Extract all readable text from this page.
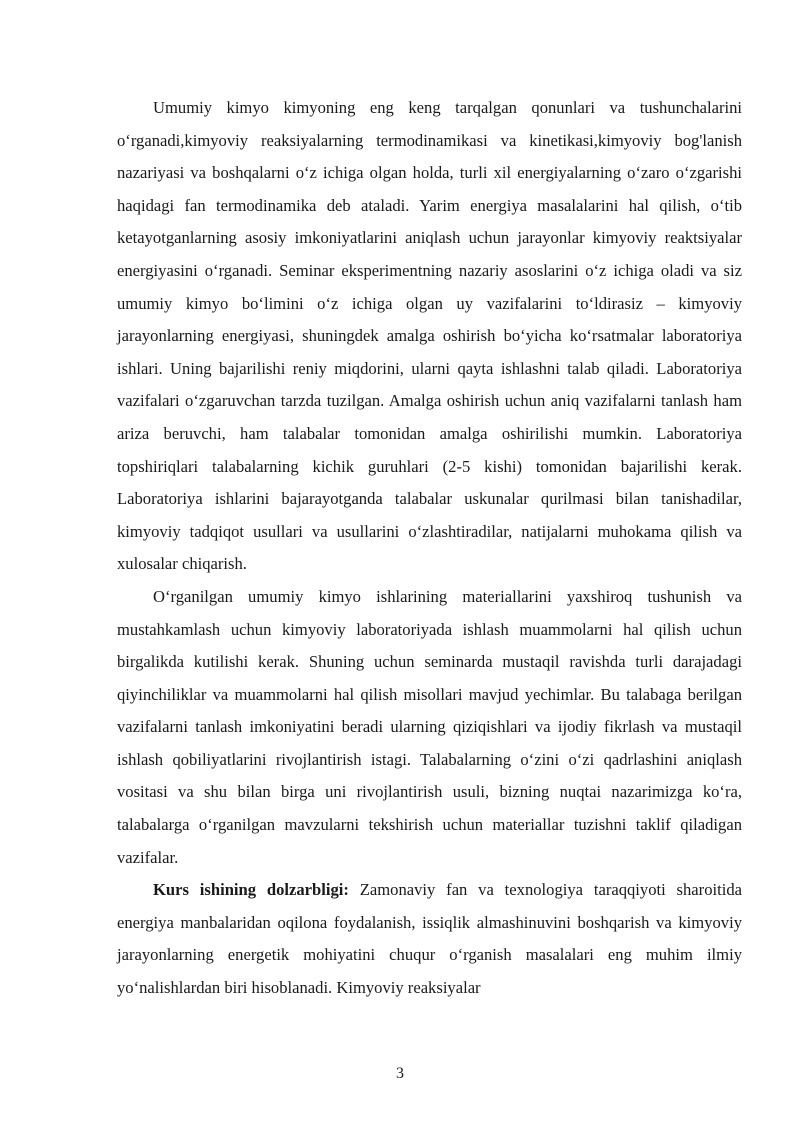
Umumiy kimyo kimyoning eng keng tarqalgan qonunlari va tushunchalarini o‘rganadi,kimyoviy reaksiyalarning termodinamikasi va kinetikasi,kimyoviy bog'lanish nazariyasi va boshqalarni o‘z ichiga olgan holda, turli xil energiyalarning o‘zaro o‘zgarishi haqidagi fan termodinamika deb ataladi. Yarim energiya masalalarini hal qilish, o‘tib ketayotganlarning asosiy imkoniyatlarini aniqlash uchun jarayonlar kimyoviy reaktsiyalar energiyasini o‘rganadi. Seminar eksperimentning nazariy asoslarini o‘z ichiga oladi va siz umumiy kimyo bo‘limini o‘z ichiga olgan uy vazifalarini to‘ldirasiz – kimyoviy jarayonlarning energiyasi, shuningdek amalga oshirish bo‘yicha ko‘rsatmalar laboratoriya ishlari. Uning bajarilishi reniy miqdorini, ularni qayta ishlashni talab qiladi. Laboratoriya vazifalari o‘zgaruvchan tarzda tuzilgan. Amalga oshirish uchun aniq vazifalarni tanlash ham ariza beruvchi, ham talabalar tomonidan amalga oshirilishi mumkin. Laboratoriya topshiriqlari talabalarning kichik guruhlari (2-5 kishi) tomonidan bajarilishi kerak. Laboratoriya ishlarini bajarayotganda talabalar uskunalar qurilmasi bilan tanishadilar, kimyoviy tadqiqot usullari va usullarini o‘zlashtiradilar, natijalarni muhokama qilish va xulosalar chiqarish.

O‘rganilgan umumiy kimyo ishlarining materiallarini yaxshiroq tushunish va mustahkamlash uchun kimyoviy laboratoriyada ishlash muammolarni hal qilish uchun birgalikda kutilishi kerak. Shuning uchun seminarda mustaqil ravishda turli darajadagi qiyinchiliklar va muammolarni hal qilish misollari mavjud yechimlar. Bu talabaga berilgan vazifalarni tanlash imkoniyatini beradi ularning qiziqishlari va ijodiy fikrlash va mustaqil ishlash qobiliyatlarini rivojlantirish istagi. Talabalarning o‘zini o‘zi qadrlashini aniqlash vositasi va shu bilan birga uni rivojlantirish usuli, bizning nuqtai nazarimizga ko‘ra, talabalarga o‘rganilgan mavzularni tekshirish uchun materiallar tuzishni taklif qiladigan vazifalar.

Kurs ishining dolzarbligi: Zamonaviy fan va texnologiya taraqqiyoti sharoitida energiya manbalaridan oqilona foydalanish, issiqlik almashinuvini boshqarish va kimyoviy jarayonlarning energetik mohiyatini chuqur o‘rganish masalalari eng muhim ilmiy yo‘nalishlardan biri hisoblanadi. Kimyoviy reaksiyalar

3
